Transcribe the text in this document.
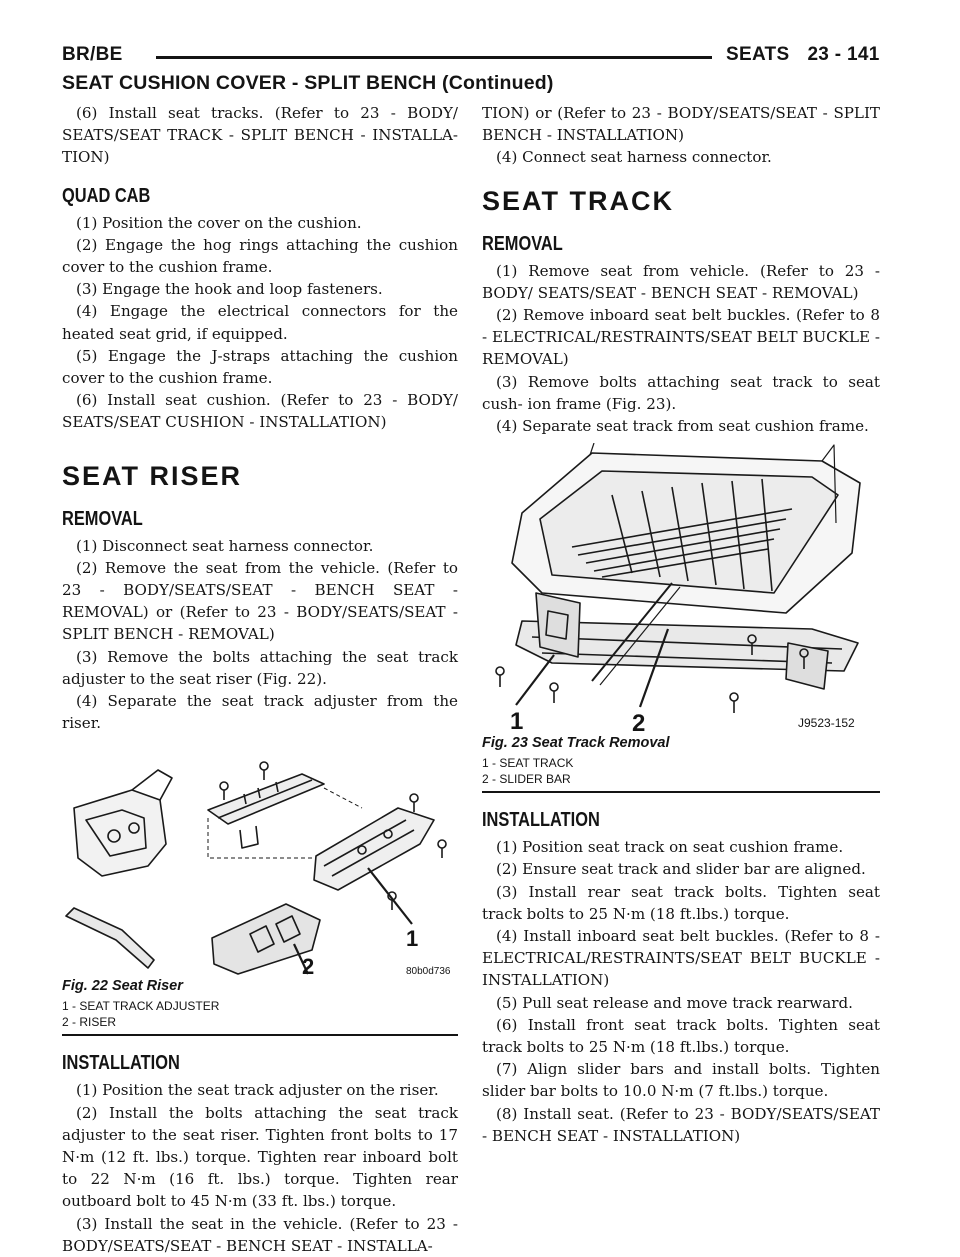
BR/BE	SEATS 23 - 141
SEAT CUSHION COVER - SPLIT BENCH (Continued)

(6) Install seat tracks. (Refer to 23 - BODY/ SEATS/SEAT TRACK - SPLIT BENCH - INSTALLA- TION)

QUAD CAB

(1) Position the cover on the cushion.

(2) Engage the hog rings attaching the cushion cover to the cushion frame.

(3) Engage the hook and loop fasteners.

(4) Engage the electrical connectors for the heated seat grid, if equipped.

(5) Engage the J-straps attaching the cushion cover to the cushion frame.

(6) Install seat cushion. (Refer to 23 - BODY/ SEATS/SEAT CUSHION - INSTALLATION)

SEAT RISER
REMOVAL

(1) Disconnect seat harness connector.

(2) Remove the seat from the vehicle. (Refer to 23 - BODY/SEATS/SEAT - BENCH SEAT - REMOVAL) or (Refer to 23 - BODY/SEATS/SEAT - SPLIT BENCH - REMOVAL)

(3) Remove the bolts attaching the seat track adjuster to the seat riser (Fig. 22).

(4) Separate the seat track adjuster from the riser.

1
2	80b0d736
Fig. 22 Seat Riser

1 - SEAT TRACK ADJUSTER

2 - RISER

INSTALLATION

(1) Position the seat track adjuster on the riser.

(2) Install the bolts attaching the seat track adjuster to the seat riser. Tighten front bolts to 17 N·m (12 ft. lbs.) torque. Tighten rear inboard bolt to 22 N·m (16 ft. lbs.) torque. Tighten rear outboard bolt to 45 N·m (33 ft. lbs.) torque.

(3) Install the seat in the vehicle. (Refer to 23 - BODY/SEATS/SEAT - BENCH SEAT - INSTALLA-

TION) or (Refer to 23 - BODY/SEATS/SEAT - SPLIT BENCH - INSTALLATION)

(4) Connect seat harness connector.

SEAT TRACK
REMOVAL

(1) Remove seat from vehicle. (Refer to 23 - BODY/ SEATS/SEAT - BENCH SEAT - REMOVAL)

(2) Remove inboard seat belt buckles. (Refer to 8 - ELECTRICAL/RESTRAINTS/SEAT BELT BUCKLE - REMOVAL)

(3) Remove bolts attaching seat track to seat cush- ion frame (Fig. 23).

(4) Separate seat track from seat cushion frame.

1	2	J9523-152
Fig. 23 Seat Track Removal

1 - SEAT TRACK

2 - SLIDER BAR

INSTALLATION

(1) Position seat track on seat cushion frame.

(2) Ensure seat track and slider bar are aligned.

(3) Install rear seat track bolts. Tighten seat track bolts to 25 N·m (18 ft.lbs.) torque.

(4) Install inboard seat belt buckles. (Refer to 8 - ELECTRICAL/RESTRAINTS/SEAT BELT BUCKLE - INSTALLATION)

(5) Pull seat release and move track rearward.

(6) Install front seat track bolts. Tighten seat track bolts to 25 N·m (18 ft.lbs.) torque.

(7) Align slider bars and install bolts. Tighten slider bar bolts to 10.0 N·m (7 ft.lbs.) torque.

(8) Install seat. (Refer to 23 - BODY/SEATS/SEAT - BENCH SEAT - INSTALLATION)
